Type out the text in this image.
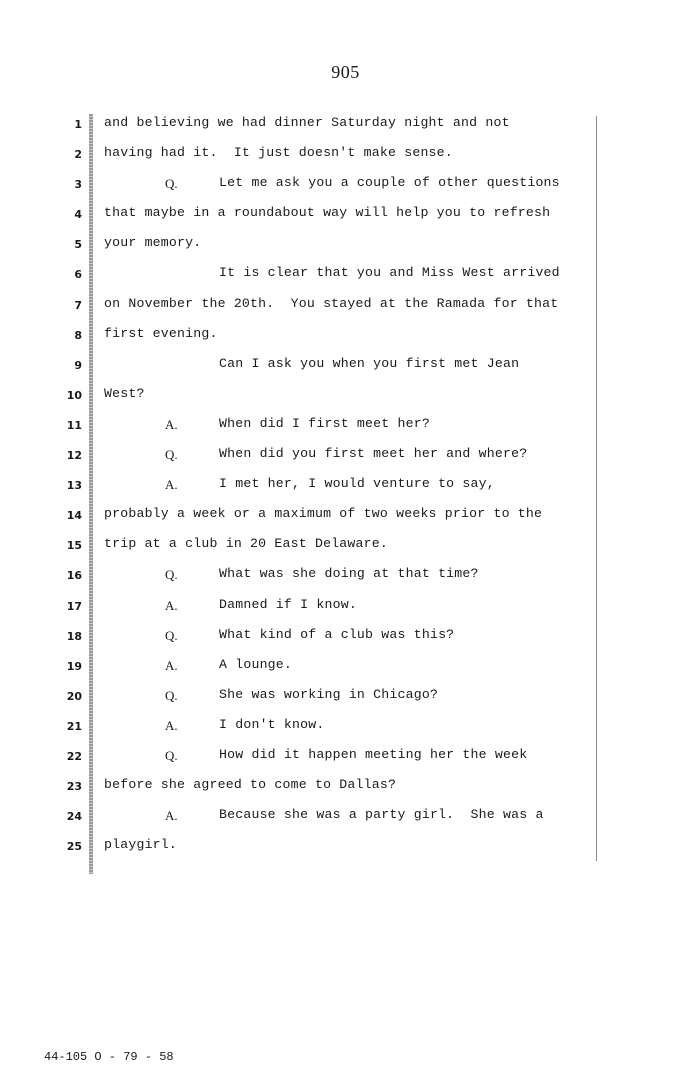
905
1 and believing we had dinner Saturday night and not
2 having had it.  It just doesn't make sense.
3	Q.	Let me ask you a couple of other questions
4 that maybe in a roundabout way will help you to refresh
5 your memory.
6	It is clear that you and Miss West arrived
7 on November the 20th.  You stayed at the Ramada for that
8 first evening.
9	Can I ask you when you first met Jean
10 West?
11	A.	When did I first meet her?
12	Q.	When did you first meet her and where?
13	A.	I met her, I would venture to say,
14 probably a week or a maximum of two weeks prior to the
15 trip at a club in 20 East Delaware.
16	Q.	What was she doing at that time?
17	A.	Damned if I know.
18	Q.	What kind of a club was this?
19	A.	A lounge.
20	Q.	She was working in Chicago?
21	A.	I don't know.
22	Q.	How did it happen meeting her the week
23 before she agreed to come to Dallas?
24	A.	Because she was a party girl.  She was a
25 playgirl.
44-105 O - 79 - 58
